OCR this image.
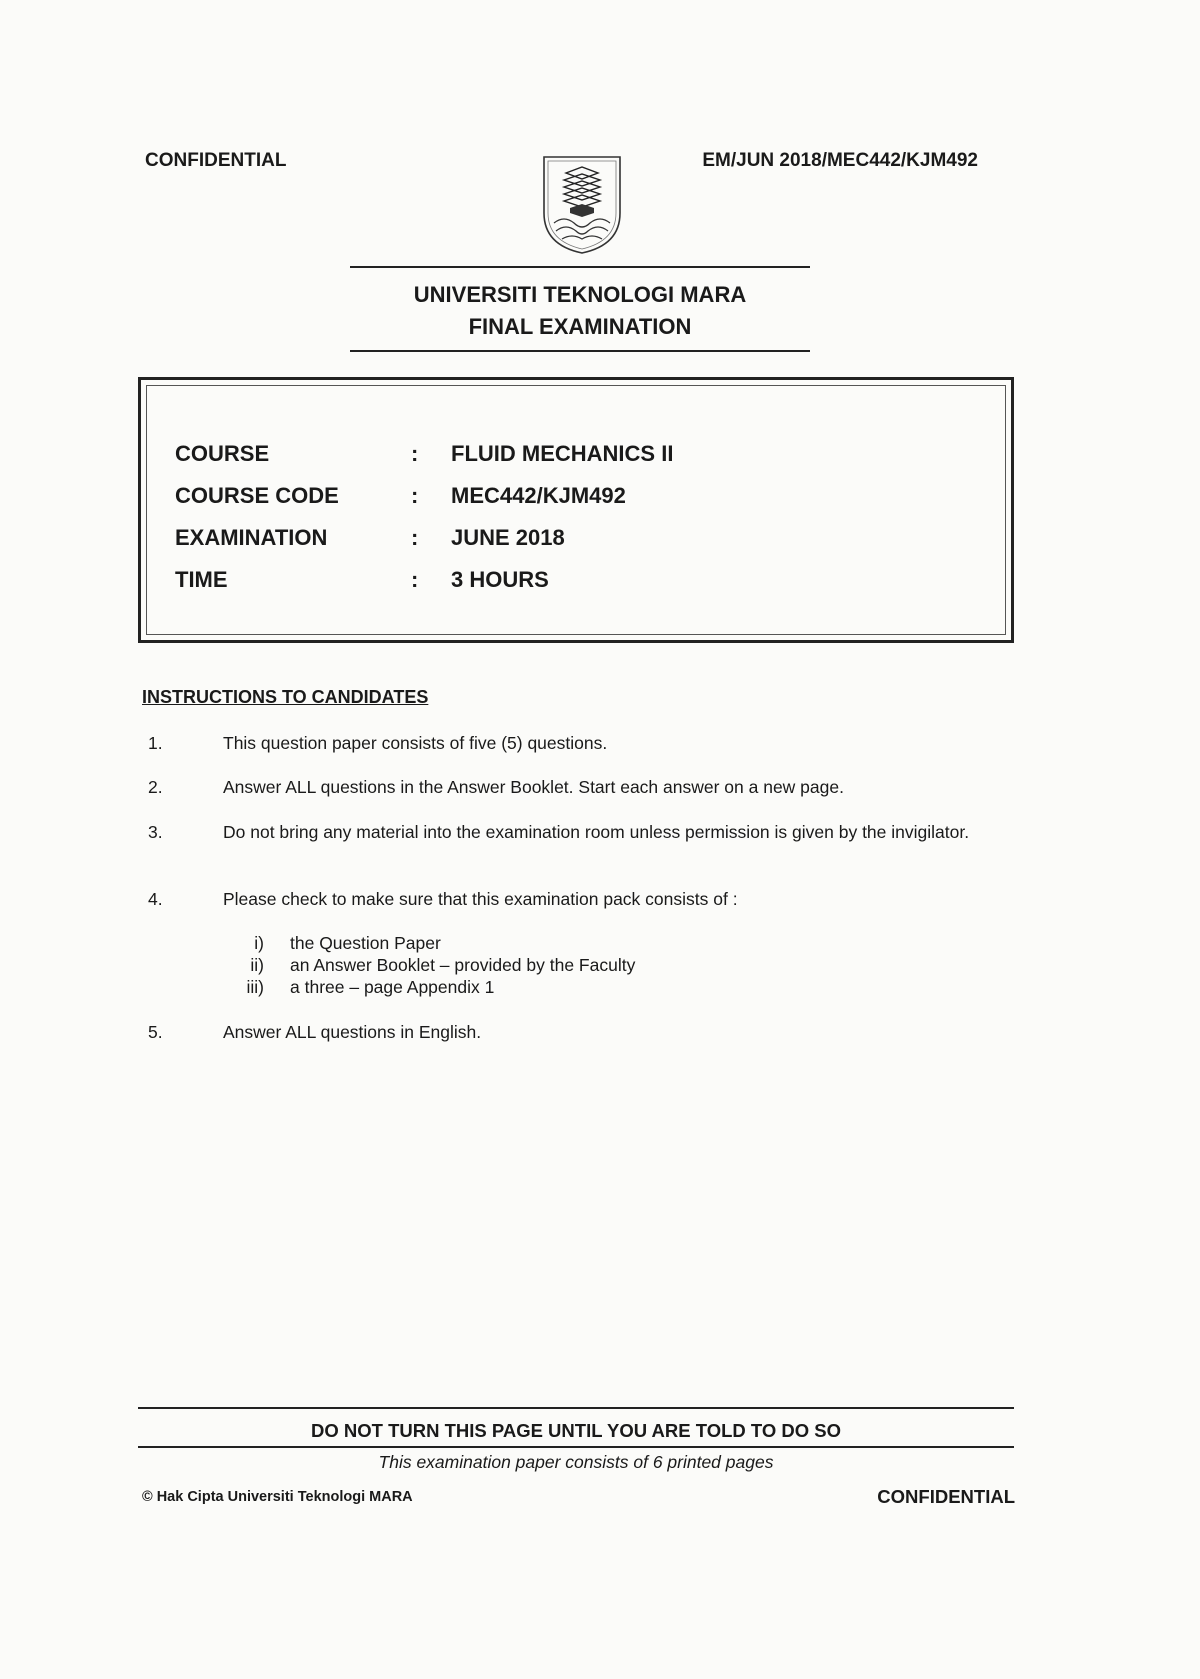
CONFIDENTIAL	EM/JUN 2018/MEC442/KJM492
UNIVERSITI TEKNOLOGI MARA
FINAL EXAMINATION
COURSE	: FLUID MECHANICS II
COURSE CODE	: MEC442/KJM492
EXAMINATION	: JUNE 2018
TIME	: 3 HOURS
INSTRUCTIONS TO CANDIDATES
1.	This question paper consists of five (5) questions.
2.	Answer ALL questions in the Answer Booklet. Start each answer on a new page.
3.	Do not bring any material into the examination room unless permission is given by the invigilator.
4.	Please check to make sure that this examination pack consists of :
i) the Question Paper
ii) an Answer Booklet – provided by the Faculty
iii) a three – page Appendix 1
5.	Answer ALL questions in English.
DO NOT TURN THIS PAGE UNTIL YOU ARE TOLD TO DO SO
This examination paper consists of 6 printed pages
© Hak Cipta Universiti Teknologi MARA	CONFIDENTIAL
